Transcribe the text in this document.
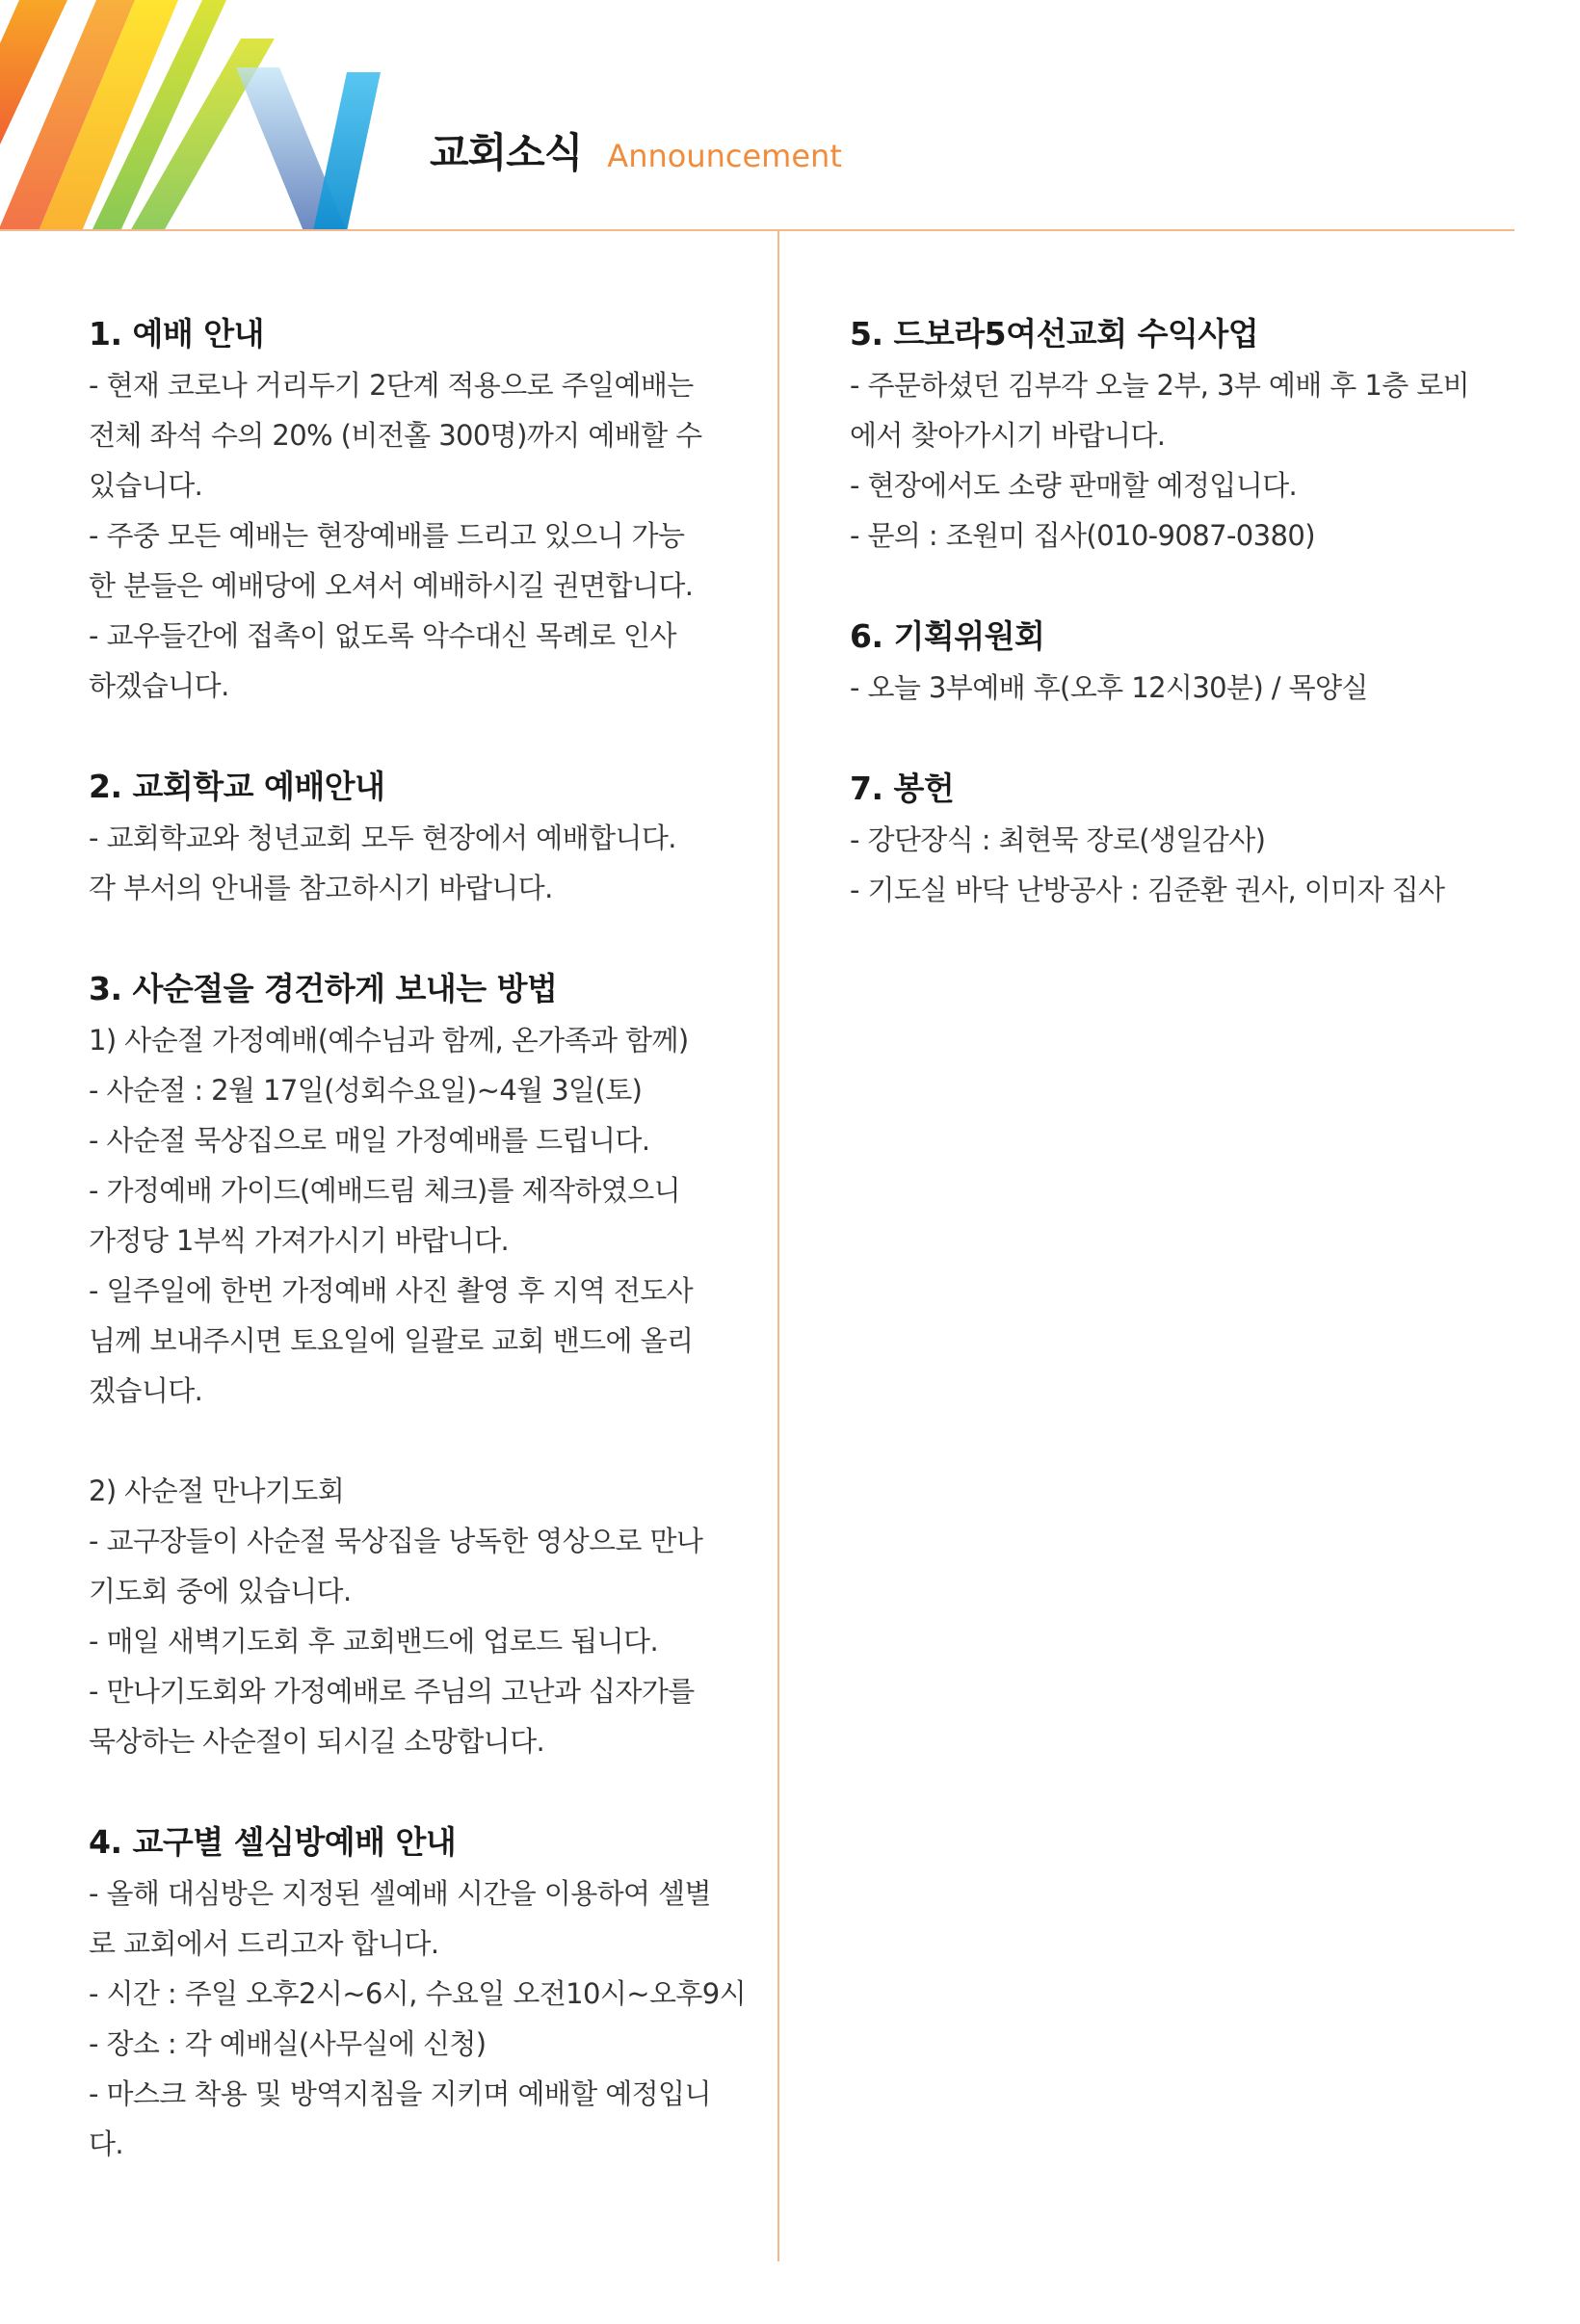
교회소식 Announcement
1. 예배 안내
- 현재 코로나 거리두기 2단계 적용으로 주일예배는
전체 좌석 수의 20% (비전홀 300명)까지 예배할 수
있습니다.
- 주중 모든 예배는 현장예배를 드리고 있으니 가능
한 분들은 예배당에 오셔서 예배하시길 권면합니다.
- 교우들간에 접촉이 없도록 악수대신 목례로 인사
하겠습니다.
2. 교회학교 예배안내
- 교회학교와 청년교회 모두 현장에서 예배합니다.
각 부서의 안내를 참고하시기 바랍니다.
3. 사순절을 경건하게 보내는 방법
1) 사순절 가정예배(예수님과 함께, 온가족과 함께)
- 사순절 : 2월 17일(성회수요일)~4월 3일(토)
- 사순절 묵상집으로 매일 가정예배를 드립니다.
- 가정예배 가이드(예배드림 체크)를 제작하였으니
가정당 1부씩 가져가시기 바랍니다.
- 일주일에 한번 가정예배 사진 촬영 후 지역 전도사
님께 보내주시면 토요일에 일괄로 교회 밴드에 올리
겠습니다.
2) 사순절 만나기도회
- 교구장들이 사순절 묵상집을 낭독한 영상으로 만나
기도회 중에 있습니다.
- 매일 새벽기도회 후 교회밴드에 업로드 됩니다.
- 만나기도회와 가정예배로 주님의 고난과 십자가를
묵상하는 사순절이 되시길 소망합니다.
4. 교구별 셀심방예배 안내
- 올해 대심방은 지정된 셀예배 시간을 이용하여 셀별
로 교회에서 드리고자 합니다.
- 시간 : 주일 오후2시~6시, 수요일 오전10시~오후9시
- 장소 : 각 예배실(사무실에 신청)
- 마스크 착용 및 방역지침을 지키며 예배할 예정입니
다.
5. 드보라5여선교회 수익사업
- 주문하셨던 김부각 오늘 2부, 3부 예배 후 1층 로비
에서 찾아가시기 바랍니다.
- 현장에서도 소량 판매할 예정입니다.
- 문의 : 조원미 집사(010-9087-0380)
6. 기획위원회
- 오늘 3부예배 후(오후 12시30분) / 목양실
7. 봉헌
- 강단장식 : 최현묵 장로(생일감사)
- 기도실 바닥 난방공사 : 김준환 권사, 이미자 집사
